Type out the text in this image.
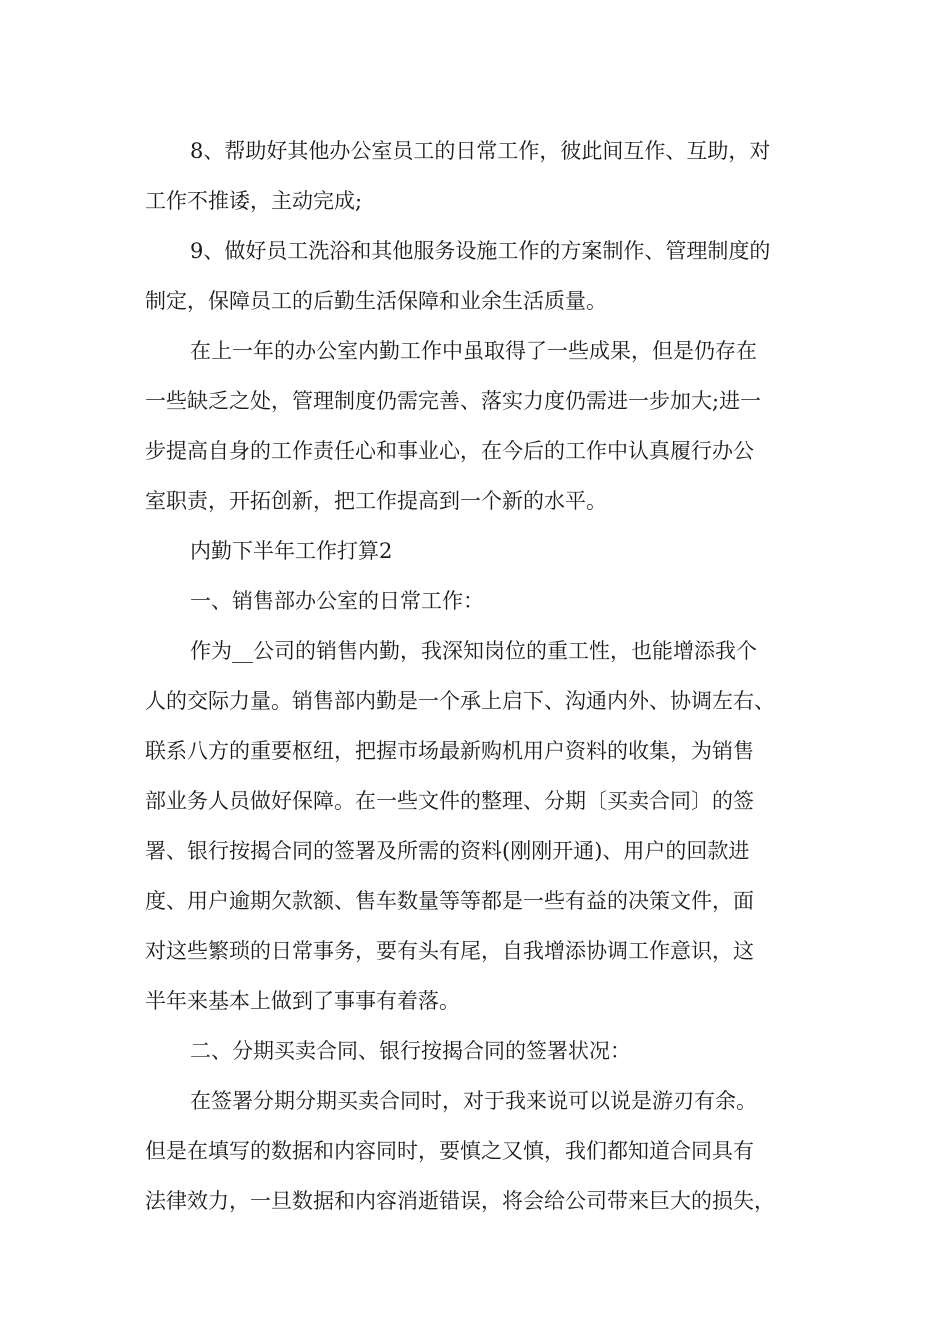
8、帮助好其他办公室员工的日常工作，彼此间互作、互助，对
工作不推诿，主动完成;
9、做好员工洗浴和其他服务设施工作的方案制作、管理制度的
制定，保障员工的后勤生活保障和业余生活质量。
在上一年的办公室内勤工作中虽取得了一些成果，但是仍存在
一些缺乏之处，管理制度仍需完善、落实力度仍需进一步加大;进一
步提高自身的工作责任心和事业心，在今后的工作中认真履行办公
室职责，开拓创新，把工作提高到一个新的水平。
内勤下半年工作打算2
一、销售部办公室的日常工作：
作为__公司的销售内勤，我深知岗位的重工性，也能增添我个
人的交际力量。销售部内勤是一个承上启下、沟通内外、协调左右、
联系八方的重要枢纽，把握市场最新购机用户资料的收集，为销售
部业务人员做好保障。在一些文件的整理、分期〔买卖合同〕的签
署、银行按揭合同的签署及所需的资料(刚刚开通)、用户的回款进
度、用户逾期欠款额、售车数量等等都是一些有益的决策文件，面
对这些繁琐的日常事务，要有头有尾，自我增添协调工作意识，这
半年来基本上做到了事事有着落。
二、分期买卖合同、银行按揭合同的签署状况：
在签署分期分期买卖合同时，对于我来说可以说是游刃有余。
但是在填写的数据和内容同时，要慎之又慎，我们都知道合同具有
法律效力，一旦数据和内容消逝错误，将会给公司带来巨大的损失，
